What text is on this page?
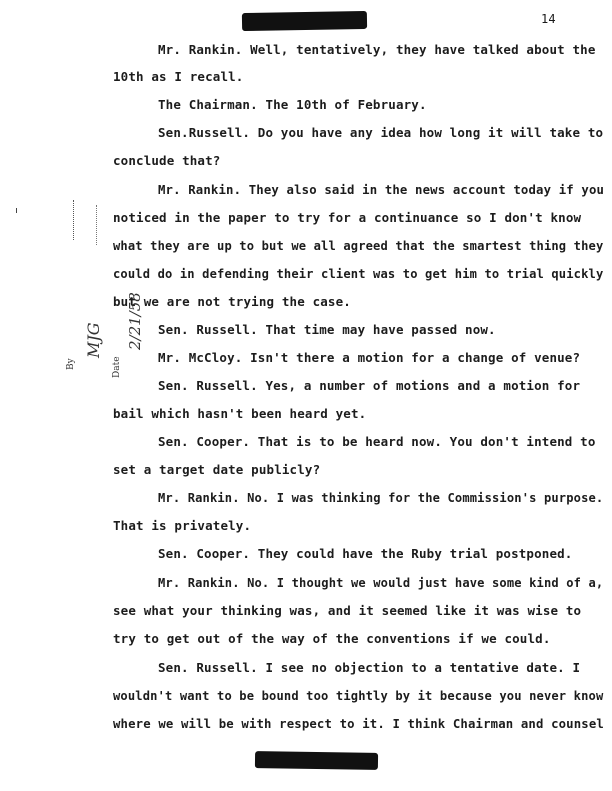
14
By
MJG
Date
2/21/58
Mr. Rankin. Well, tentatively, they have talked about the
10th as I recall.
The Chairman. The 10th of February.
Sen.Russell. Do you have any idea how long it will take to
conclude that?
Mr. Rankin. They also said in the news account today if you
noticed in the paper to try for a continuance so I don't know
what they are up to but we all agreed that the smartest thing they
could do in defending their client was to get him to trial quickly
but we are not trying the case.
Sen. Russell. That time may have passed now.
Mr. McCloy. Isn't there a motion for a change of venue?
Sen. Russell. Yes, a number of motions and a motion for
bail which hasn't been heard yet.
Sen. Cooper. That is to be heard now. You don't intend to
set a target date publicly?
Mr. Rankin. No. I was thinking for the Commission's purpose.
That is privately.
Sen. Cooper. They could have the Ruby trial postponed.
Mr. Rankin. No. I thought we would just have some kind of a,
see what your thinking was, and it seemed like it was wise to
try to get out of the way of the conventions if we could.
Sen. Russell. I see no objection to a tentative date. I
wouldn't want to be bound too tightly by it because you never know
where we will be with respect to it. I think Chairman and counsel
